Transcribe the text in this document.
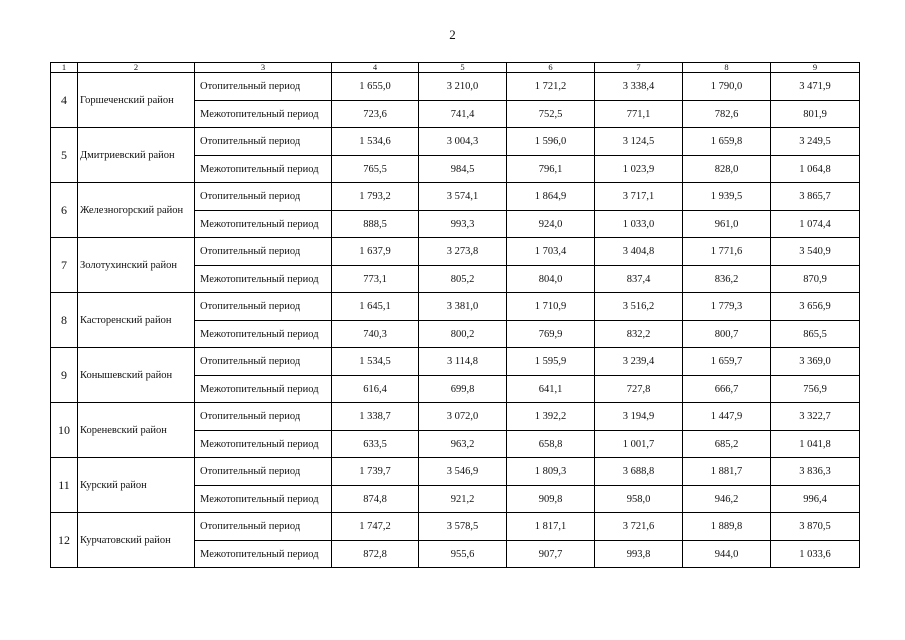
2
1	2	3	4	5	6	7	8	9
4	Горшеченский район	Отопительный период	1 655,0	3 210,0	1 721,2	3 338,4	1 790,0	3 471,9
		Межотопительный период	723,6	741,4	752,5	771,1	782,6	801,9
5	Дмитриевский район	Отопительный период	1 534,6	3 004,3	1 596,0	3 124,5	1 659,8	3 249,5
		Межотопительный период	765,5	984,5	796,1	1 023,9	828,0	1 064,8
6	Железногорский район	Отопительный период	1 793,2	3 574,1	1 864,9	3 717,1	1 939,5	3 865,7
		Межотопительный период	888,5	993,3	924,0	1 033,0	961,0	1 074,4
7	Золотухинский район	Отопительный период	1 637,9	3 273,8	1 703,4	3 404,8	1 771,6	3 540,9
		Межотопительный период	773,1	805,2	804,0	837,4	836,2	870,9
8	Касторенский район	Отопительный период	1 645,1	3 381,0	1 710,9	3 516,2	1 779,3	3 656,9
		Межотопительный период	740,3	800,2	769,9	832,2	800,7	865,5
9	Конышевский район	Отопительный период	1 534,5	3 114,8	1 595,9	3 239,4	1 659,7	3 369,0
		Межотопительный период	616,4	699,8	641,1	727,8	666,7	756,9
10	Кореневский район	Отопительный период	1 338,7	3 072,0	1 392,2	3 194,9	1 447,9	3 322,7
		Межотопительный период	633,5	963,2	658,8	1 001,7	685,2	1 041,8
11	Курский район	Отопительный период	1 739,7	3 546,9	1 809,3	3 688,8	1 881,7	3 836,3
		Межотопительный период	874,8	921,2	909,8	958,0	946,2	996,4
12	Курчатовский район	Отопительный период	1 747,2	3 578,5	1 817,1	3 721,6	1 889,8	3 870,5
		Межотопительный период	872,8	955,6	907,7	993,8	944,0	1 033,6
